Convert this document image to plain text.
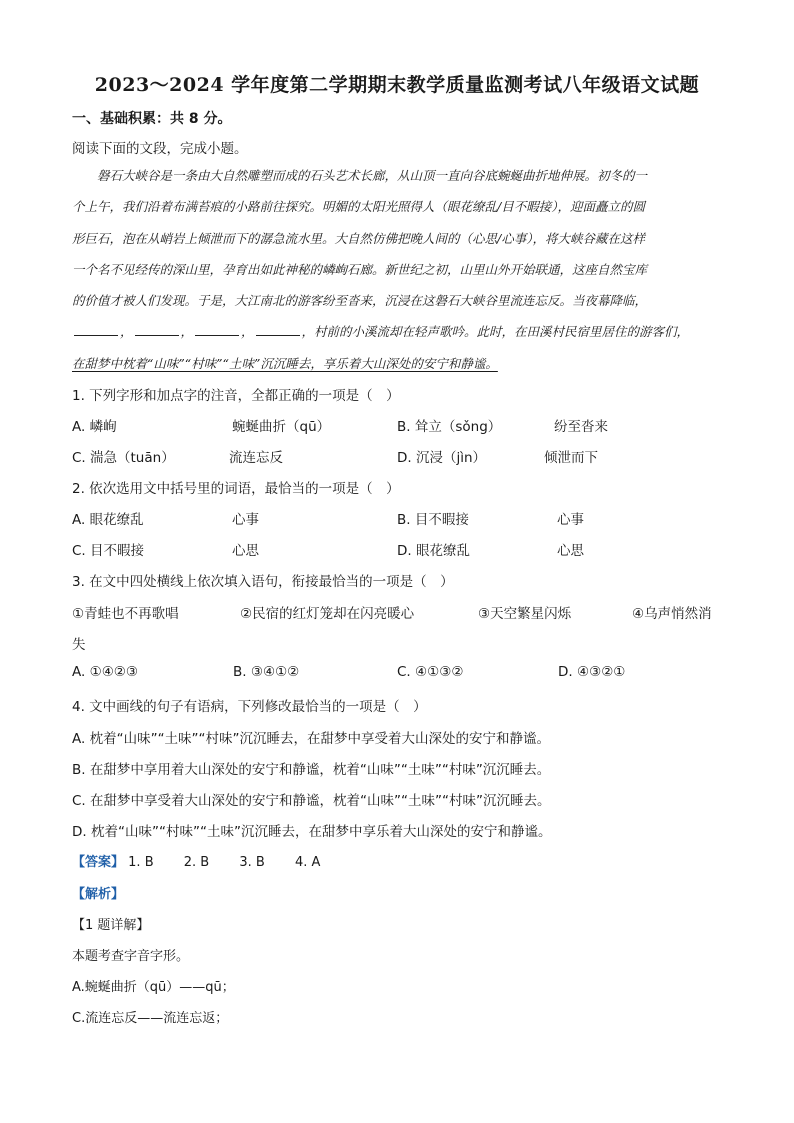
2023～2024 学年度第二学期期末教学质量监测考试八年级语文试题
一、基础积累：共 8 分。
阅读下面的文段，完成小题。
　　磐石大峡谷是一条由大自然雕塑而成的石头艺术长廊，从山顶一直向谷底蜿蜒曲折地伸展。初冬的一
个上午，我们沿着布满苔痕的小路前往探究。明媚的太阳光照得人（眼花缭乱/目不暇接），迎面矗立的圆
形巨石，泡在从峭岩上倾泄而下的潺急流水里。大自然仿佛把晚人间的（心思/心事），将大峡谷藏在这样
一个名不见经传的深山里，孕育出如此神秘的嶙峋石廊。新世纪之初，山里山外开始联通，这座自然宝库
的价值才被人们发现。于是，大江南北的游客纷至沓来，沉浸在这磐石大峡谷里流连忘反。当夜幕降临，
，	，	，	，村前的小溪流却在轻声歌吟。此时，在田溪村民宿里居住的游客们，
在甜梦中枕着“山味”“村味”“土味”沉沉睡去，享乐着大山深处的安宁和静谧。
1. 下列字形和加点字的注音，全都正确的一项是（　）
A. 嶙峋	蜿蜒曲折（qū）	B. 耸立（sǒng）	纷至沓来
C. 湍急（tuān）	流连忘反	D. 沉浸（jìn）	倾泄而下
2. 依次选用文中括号里的词语，最恰当的一项是（　）
A. 眼花缭乱	心事	B. 目不暇接	心事
C. 目不暇接	心思	D. 眼花缭乱	心思
3. 在文中四处横线上依次填入语句，衔接最恰当的一项是（　）
①青蛙也不再歌唱	②民宿的红灯笼却在闪亮暖心	③天空繁星闪烁	④乌声悄然消
失
A. ①④②③	B. ③④①②	C. ④①③②	D. ④③②①
4. 文中画线的句子有语病，下列修改最恰当的一项是（　）
A. 枕着“山味”“土味”“村味”沉沉睡去，在甜梦中享受着大山深处的安宁和静谧。
B. 在甜梦中享用着大山深处的安宁和静谧，枕着“山味”“土味”“村味”沉沉睡去。
C. 在甜梦中享受着大山深处的安宁和静谧，枕着“山味”“土味”“村味”沉沉睡去。
D. 枕着“山味”“村味”“土味”沉沉睡去，在甜梦中享乐着大山深处的安宁和静谧。
【答案】 1. B 2. B 3. B 4. A
【解析】
【1 题详解】
本题考查字音字形。
A.蜿蜒曲折（qū）——qū；
C.流连忘反——流连忘返；
